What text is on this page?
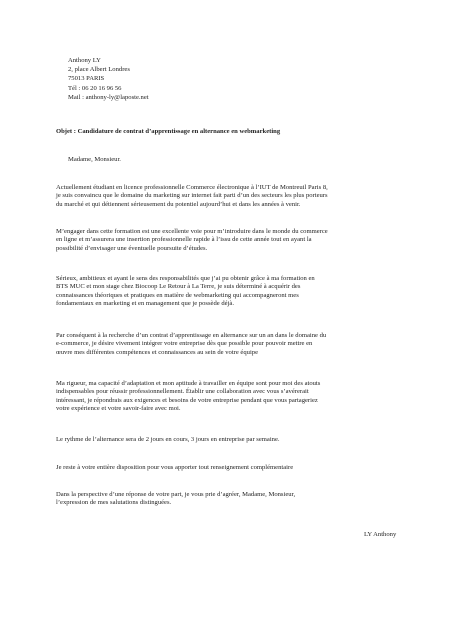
Anthony LY
2, place Albert Londres
75013 PARIS
Tél : 06 20 16 96 56
Mail : anthony-ly@laposte.net
Objet : Candidature de contrat d’apprentissage en alternance en webmarketing
Madame, Monsieur.
Actuellement étudiant en licence professionnelle Commerce électronique à l’IUT de Montreuil Paris 8,
je suis convaincu que le domaine du marketing sur internet fait parti d’un des secteurs les plus porteurs
du marché et qui détiennent sérieusement du potentiel aujourd’hui et dans les années à venir.
M’engager dans cette formation est une excellente voie pour m’introduire dans le monde du commerce
en ligne et m’assurera une insertion professionnelle rapide à l’issu de cette année tout en ayant la
possibilité d’envisager une éventuelle poursuite d’études.
Sérieux, ambitieux et ayant le sens des responsabilités que j’ai pu obtenir grâce à ma formation en
BTS MUC et mon stage chez Biocoop Le Retour à La Terre, je suis déterminé à acquérir des
connaissances théoriques et pratiques en matière de webmarketing qui accompagneront mes
fondamentaux en marketing et en management que je possède déjà.
Par conséquent à la recherche d’un contrat d’apprentissage en alternance sur un an dans le domaine du
e-commerce, je désire vivement intégrer votre entreprise dès que possible pour pouvoir mettre en
œuvre mes différentes compétences et connaissances au sein de votre équipe
Ma rigueur, ma capacité d’adaptation et mon aptitude à travailler en équipe sont pour moi des atouts
indispensables pour réussir professionnellement. Établir une collaboration avec vous s’avérerait
intéressant, je répondrais aux exigences et besoins de votre entreprise pendant que vous partageriez
votre expérience et votre savoir-faire avec moi.
Le rythme de l’alternance sera de 2 jours en cours, 3 jours en entreprise par semaine.
Je reste à votre entière disposition pour vous apporter tout renseignement complémentaire
Dans la perspective d’une réponse de votre part, je vous prie d’agréer, Madame, Monsieur,
l’expression de mes salutations distinguées.
LY Anthony
